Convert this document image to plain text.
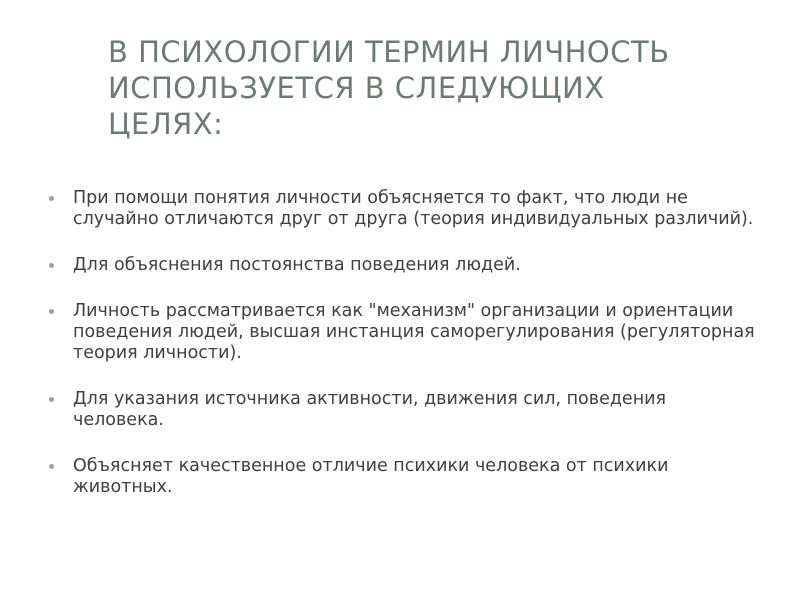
В ПСИХОЛОГИИ ТЕРМИН ЛИЧНОСТЬ ИСПОЛЬЗУЕТСЯ В СЛЕДУЮЩИХ ЦЕЛЯХ:
При помощи понятия личности объясняется то факт, что люди не случайно отличаются друг от друга (теория индивидуальных различий).
Для объяснения постоянства поведения людей.
Личность рассматривается как "механизм" организации и ориентации поведения людей, высшая инстанция саморегулирования (регуляторная теория личности).
Для указания источника активности, движения сил, поведения человека.
Объясняет качественное отличие психики человека от психики животных.
